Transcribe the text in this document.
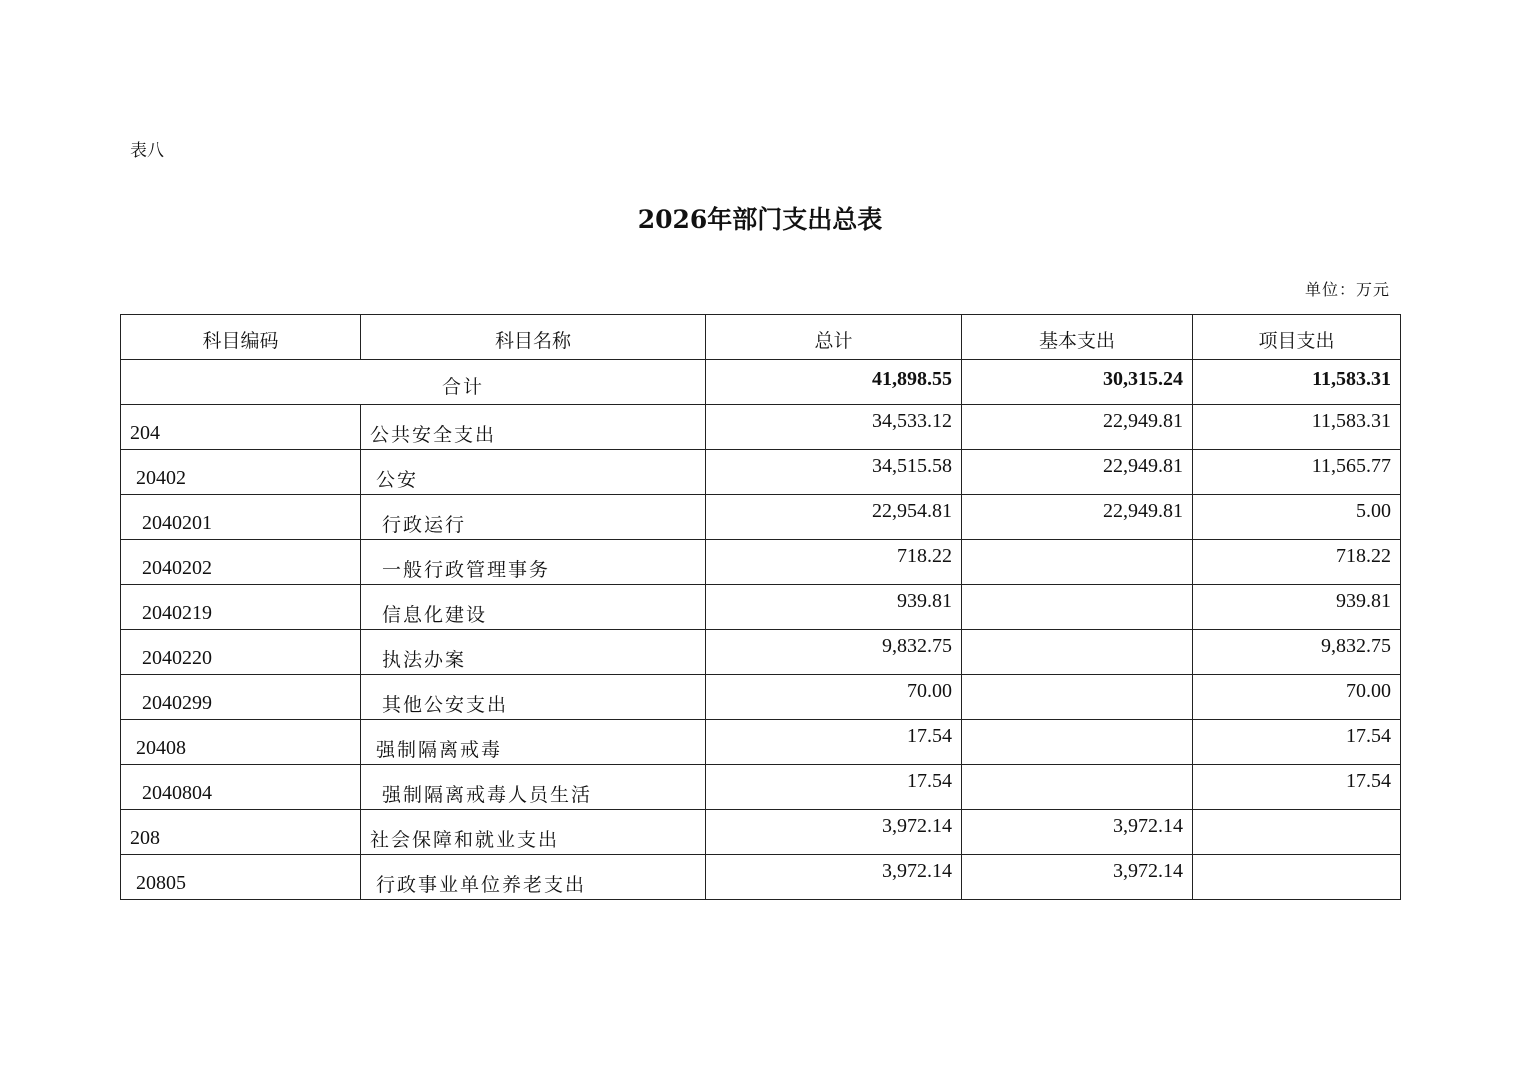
表八
2026年部门支出总表
单位：万元
科目编码	科目名称	总计	基本支出	项目支出
合计		41,898.55	30,315.24	11,583.31
204	公共安全支出	34,533.12	22,949.81	11,583.31
20402	公安	34,515.58	22,949.81	11,565.77
2040201	行政运行	22,954.81	22,949.81	5.00
2040202	一般行政管理事务	718.22		718.22
2040219	信息化建设	939.81		939.81
2040220	执法办案	9,832.75		9,832.75
2040299	其他公安支出	70.00		70.00
20408	强制隔离戒毒	17.54		17.54
2040804	强制隔离戒毒人员生活	17.54		17.54
208	社会保障和就业支出	3,972.14	3,972.14	
20805	行政事业单位养老支出	3,972.14	3,972.14	
